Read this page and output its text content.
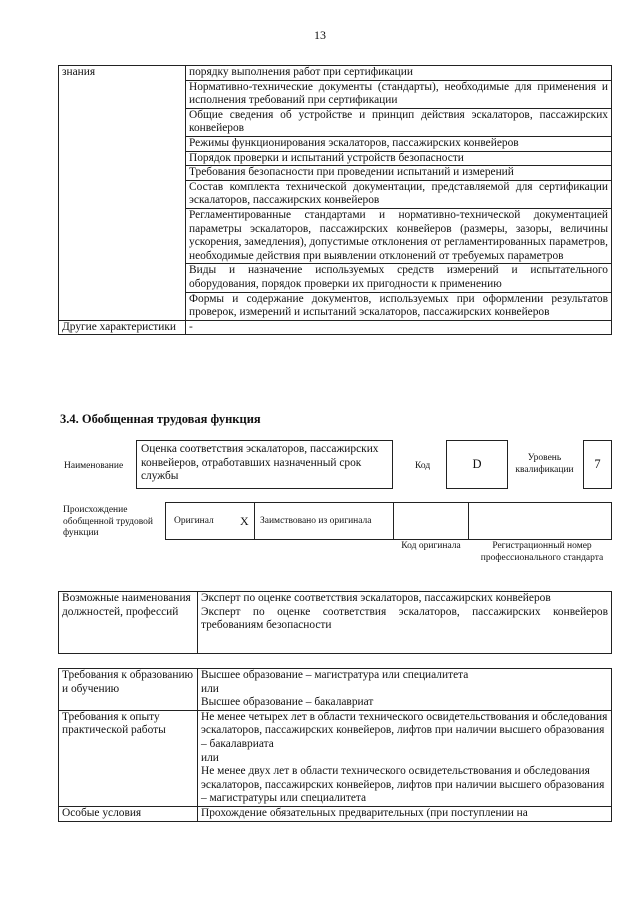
13
знания	порядку выполнения работ при сертификации
	Нормативно-технические документы (стандарты), необходимые для применения и исполнения требований при сертификации
	Общие сведения об устройстве и принцип действия эскалаторов, пассажирских конвейеров
	Режимы функционирования эскалаторов, пассажирских конвейеров
	Порядок проверки и испытаний устройств безопасности
	Требования безопасности при проведении испытаний и измерений
	Состав комплекта технической документации, представляемой для сертификации эскалаторов, пассажирских конвейеров
	Регламентированные стандартами и нормативно-технической документацией параметры эскалаторов, пассажирских конвейеров (размеры, зазоры, величины ускорения, замедления), допустимые отклонения от регламентированных параметров, необходимые действия при выявлении отклонений от требуемых параметров
	Виды и назначение используемых средств измерений и испытательного оборудования, порядок проверки их пригодности к применению
	Формы и содержание документов, используемых при оформлении результатов проверок, измерений и испытаний эскалаторов, пассажирских конвейеров
Другие характеристики	-
3.4. Обобщенная трудовая функция
Наименование
Оценка соответствия эскалаторов, пассажирских конвейеров, отработавших назначенный срок службы
Код	D	Уровень квалификации	7
Происхождение обобщенной трудовой функции
Оригинал X Заимствовано из оригинала
Код оригинала	Регистрационный номер профессионального стандарта
Возможные наименования должностей, профессий	Эксперт по оценке соответствия эскалаторов, пассажирских конвейеров
Эксперт по оценке соответствия эскалаторов, пассажирских конвейеров требованиям безопасности
Требования к образованию и обучению	Высшее образование – магистратура или специалитета
или
Высшее образование – бакалавриат
Требования к опыту практической работы	Не менее четырех лет в области технического освидетельствования и обследования эскалаторов, пассажирских конвейеров, лифтов при наличии высшего образования – бакалавриата
или
Не менее двух лет в области технического освидетельствования и обследования эскалаторов, пассажирских конвейеров, лифтов при наличии высшего образования – магистратуры или специалитета
Особые условия	Прохождение обязательных предварительных (при поступлении на
